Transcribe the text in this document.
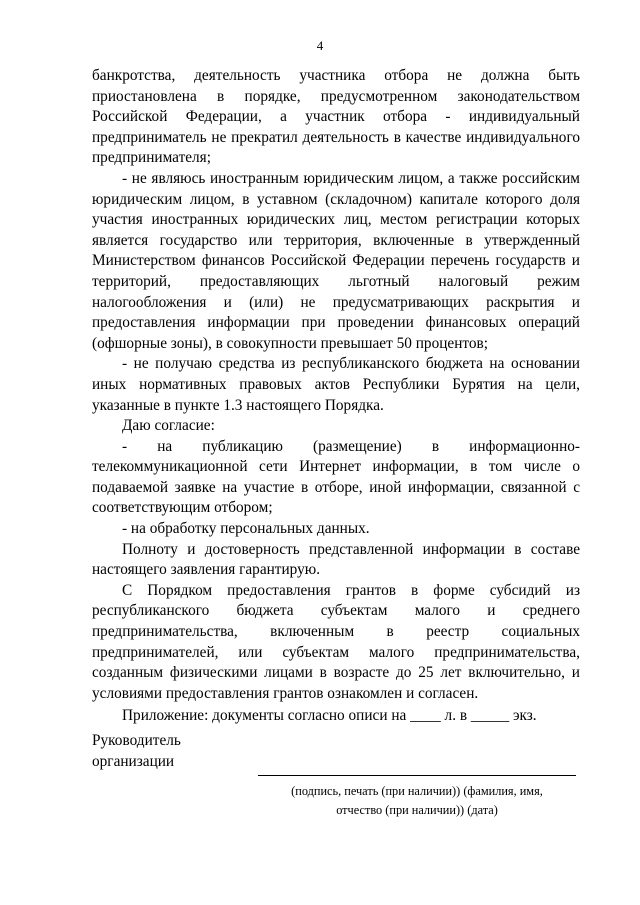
4

банкротства, деятельность участника отбора не должна быть приостановлена в порядке, предусмотренном законодательством Российской Федерации, а участник отбора - индивидуальный предприниматель не прекратил деятельность в качестве индивидуального предпринимателя;

- не являюсь иностранным юридическим лицом, а также российским юридическим лицом, в уставном (складочном) капитале которого доля участия иностранных юридических лиц, местом регистрации которых является государство или территория, включенные в утвержденный Министерством финансов Российской Федерации перечень государств и территорий, предоставляющих льготный налоговый режим налогообложения и (или) не предусматривающих раскрытия и предоставления информации при проведении финансовых операций (офшорные зоны), в совокупности превышает 50 процентов;

- не получаю средства из республиканского бюджета на основании иных нормативных правовых актов Республики Бурятия на цели, указанные в пункте 1.3 настоящего Порядка.

Даю согласие:

- на публикацию (размещение) в информационно-телекоммуникационной сети Интернет информации, в том числе о подаваемой заявке на участие в отборе, иной информации, связанной с соответствующим отбором;

- на обработку персональных данных.

Полноту и достоверность представленной информации в составе настоящего заявления гарантирую.

С Порядком предоставления грантов в форме субсидий из республиканского бюджета субъектам малого и среднего предпринимательства, включенным в реестр социальных предпринимателей, или субъектам малого предпринимательства, созданным физическими лицами в возрасте до 25 лет включительно, и условиями предоставления грантов ознакомлен и согласен.

Приложение: документы согласно описи на ____ л. в _____ экз.
Руководитель
организации
(подпись, печать (при наличии)) (фамилия, имя,
отчество (при наличии)) (дата)
